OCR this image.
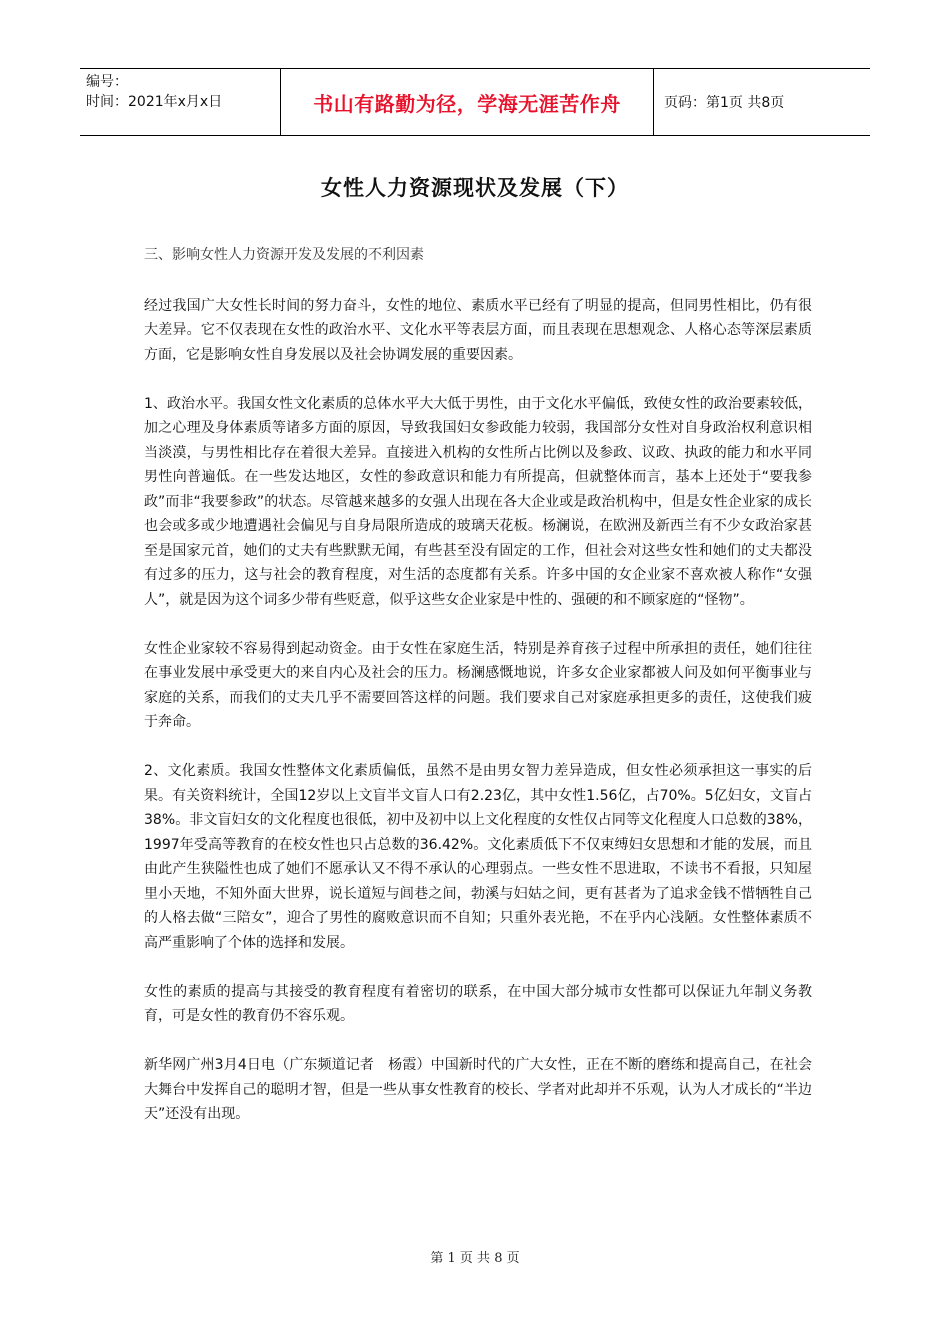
编号：
时间：2021年x月x日	书山有路勤为径，学海无涯苦作舟	页码：第1页 共8页
女性人力资源现状及发展（下）

三、影响女性人力资源开发及发展的不利因素

经过我国广大女性长时间的努力奋斗，女性的地位、素质水平已经有了明显的提高，但同男性相比，仍有很大差异。它不仅表现在女性的政治水平、文化水平等表层方面，而且表现在思想观念、人格心态等深层素质方面，它是影响女性自身发展以及社会协调发展的重要因素。

1、政治水平。我国女性文化素质的总体水平大大低于男性，由于文化水平偏低，致使女性的政治要素较低，加之心理及身体素质等诸多方面的原因，导致我国妇女参政能力较弱，我国部分女性对自身政治权利意识相当淡漠，与男性相比存在着很大差异。直接进入机构的女性所占比例以及参政、议政、执政的能力和水平同男性向普遍低。在一些发达地区，女性的参政意识和能力有所提高，但就整体而言，基本上还处于“要我参政”而非“我要参政”的状态。尽管越来越多的女强人出现在各大企业或是政治机构中，但是女性企业家的成长也会或多或少地遭遇社会偏见与自身局限所造成的玻璃天花板。杨澜说，在欧洲及新西兰有不少女政治家甚至是国家元首，她们的丈夫有些默默无闻，有些甚至没有固定的工作，但社会对这些女性和她们的丈夫都没有过多的压力，这与社会的教育程度，对生活的态度都有关系。许多中国的女企业家不喜欢被人称作“女强人”，就是因为这个词多少带有些贬意，似乎这些女企业家是中性的、强硬的和不顾家庭的“怪物”。

女性企业家较不容易得到起动资金。由于女性在家庭生活，特别是养育孩子过程中所承担的责任，她们往往在事业发展中承受更大的来自内心及社会的压力。杨澜感慨地说，许多女企业家都被人问及如何平衡事业与家庭的关系，而我们的丈夫几乎不需要回答这样的问题。我们要求自己对家庭承担更多的责任，这使我们疲于奔命。

2、文化素质。我国女性整体文化素质偏低，虽然不是由男女智力差异造成，但女性必须承担这一事实的后果。有关资料统计，全国12岁以上文盲半文盲人口有2.23亿，其中女性1.56亿，占70%。5亿妇女，文盲占38%。非文盲妇女的文化程度也很低，初中及初中以上文化程度的女性仅占同等文化程度人口总数的38%，1997年受高等教育的在校女性也只占总数的36.42%。文化素质低下不仅束缚妇女思想和才能的发展，而且由此产生狭隘性也成了她们不愿承认又不得不承认的心理弱点。一些女性不思进取，不读书不看报，只知屋里小天地，不知外面大世界，说长道短与闾巷之间，勃溪与妇姑之间，更有甚者为了追求金钱不惜牺牲自己的人格去做“三陪女”，迎合了男性的腐败意识而不自知；只重外表光艳，不在乎内心浅陋。女性整体素质不高严重影响了个体的选择和发展。

女性的素质的提高与其接受的教育程度有着密切的联系，在中国大部分城市女性都可以保证九年制义务教育，可是女性的教育仍不容乐观。

新华网广州3月4日电（广东频道记者　杨霞）中国新时代的广大女性，正在不断的磨练和提高自己，在社会大舞台中发挥自己的聪明才智，但是一些从事女性教育的校长、学者对此却并不乐观，认为人才成长的“半边天”还没有出现。

第 1 页 共 8 页
